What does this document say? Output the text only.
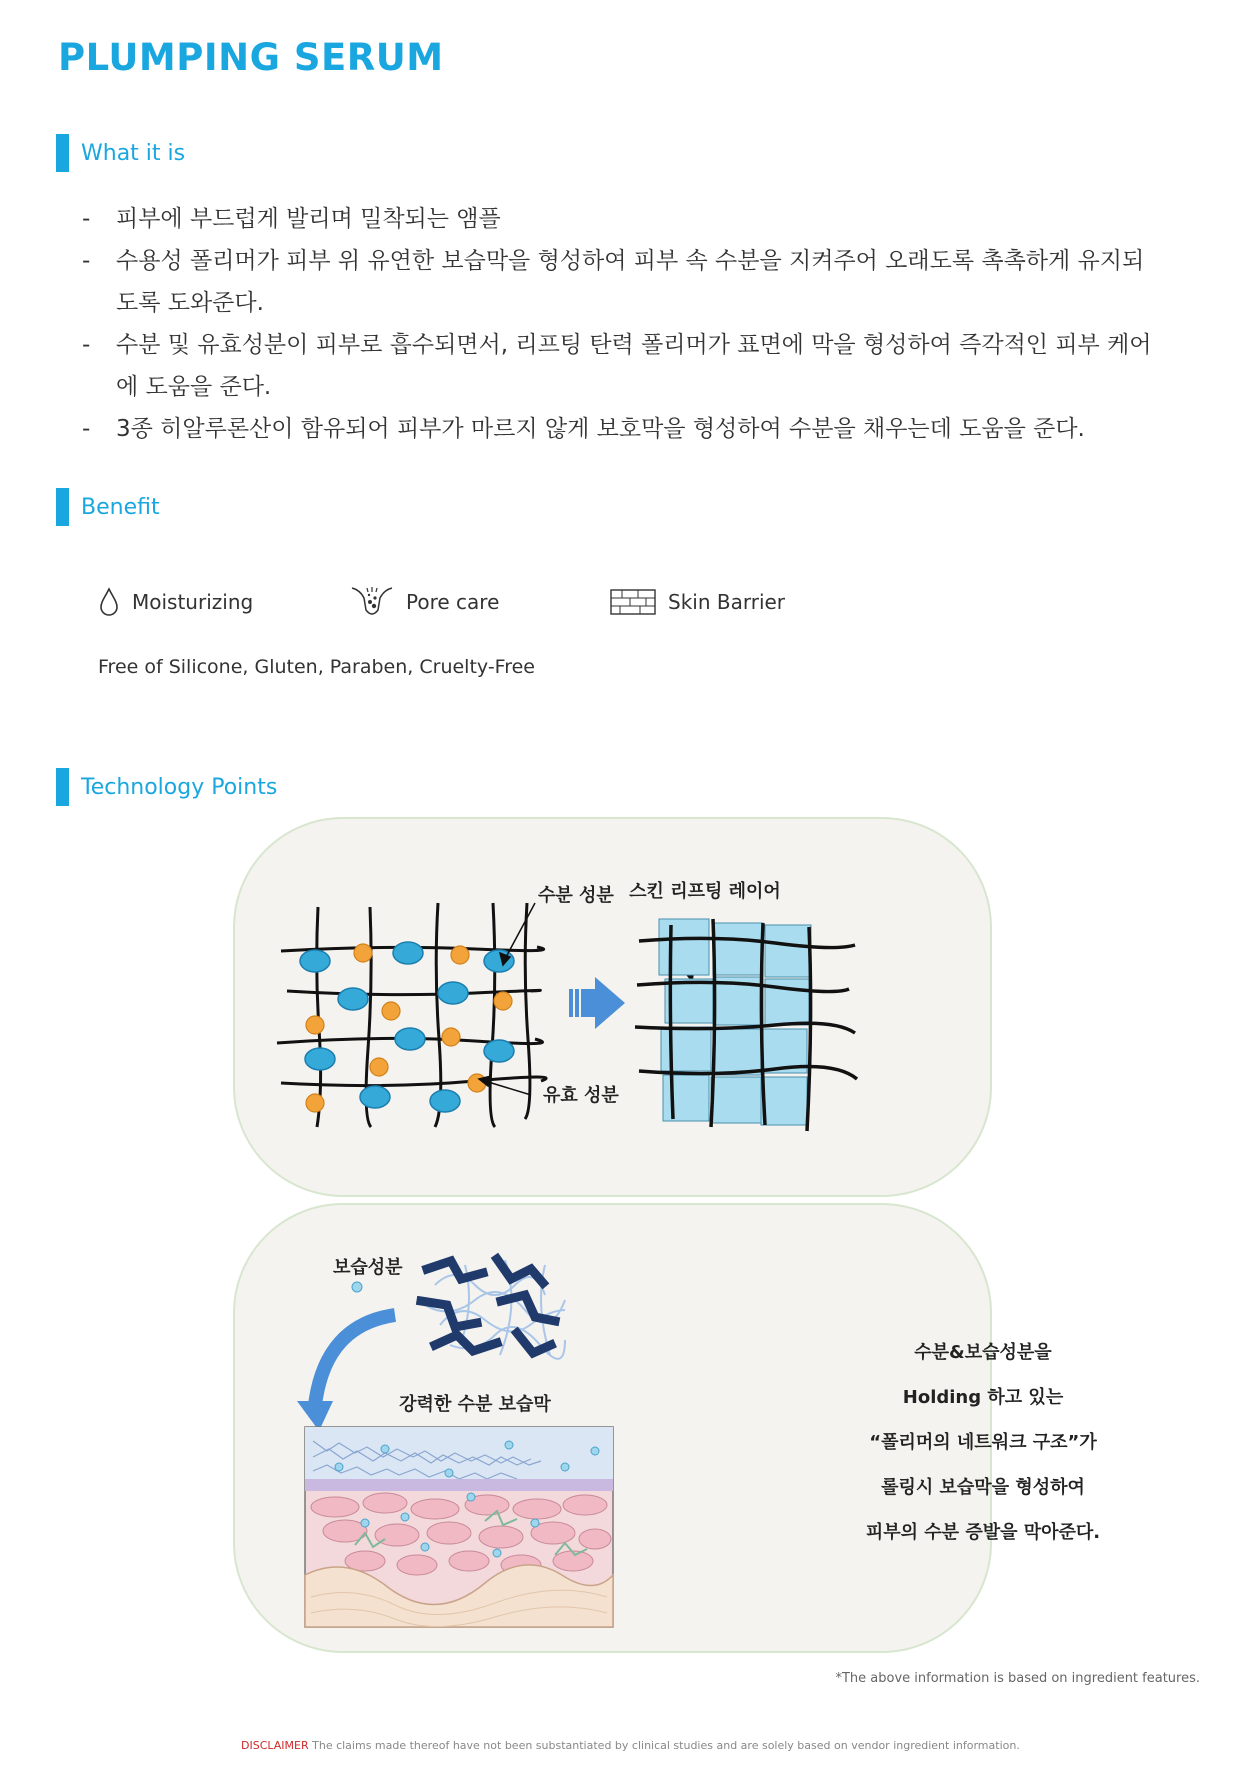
PLUMPING SERUM
What it is
-	피부에 부드럽게 발리며 밀착되는 앰플
-	수용성 폴리머가 피부 위 유연한 보습막을 형성하여 피부 속 수분을 지켜주어 오래도록 촉촉하게 유지되도록 도와준다.
-	수분 및 유효성분이 피부로 흡수되면서, 리프팅 탄력 폴리머가 표면에 막을 형성하여 즉각적인 피부 케어에 도움을 준다.
-	3종 히알루론산이 함유되어 피부가 마르지 않게 보호막을 형성하여 수분을 채우는데 도움을 준다.
Benefit
Moisturizing	Pore care	Skin Barrier
Free of Silicone, Gluten, Paraben, Cruelty-Free
Technology Points
수분 성분
유효 성분
스킨 리프팅 레이어
보습성분
강력한 수분 보습막
수분&보습성분을
Holding 하고 있는
“폴리머의 네트워크 구조”가
롤링시 보습막을 형성하여
피부의 수분 증발을 막아준다.
*The above information is based on ingredient features.
DISCLAIMER The claims made thereof have not been substantiated by clinical studies and are solely based on vendor ingredient information.
